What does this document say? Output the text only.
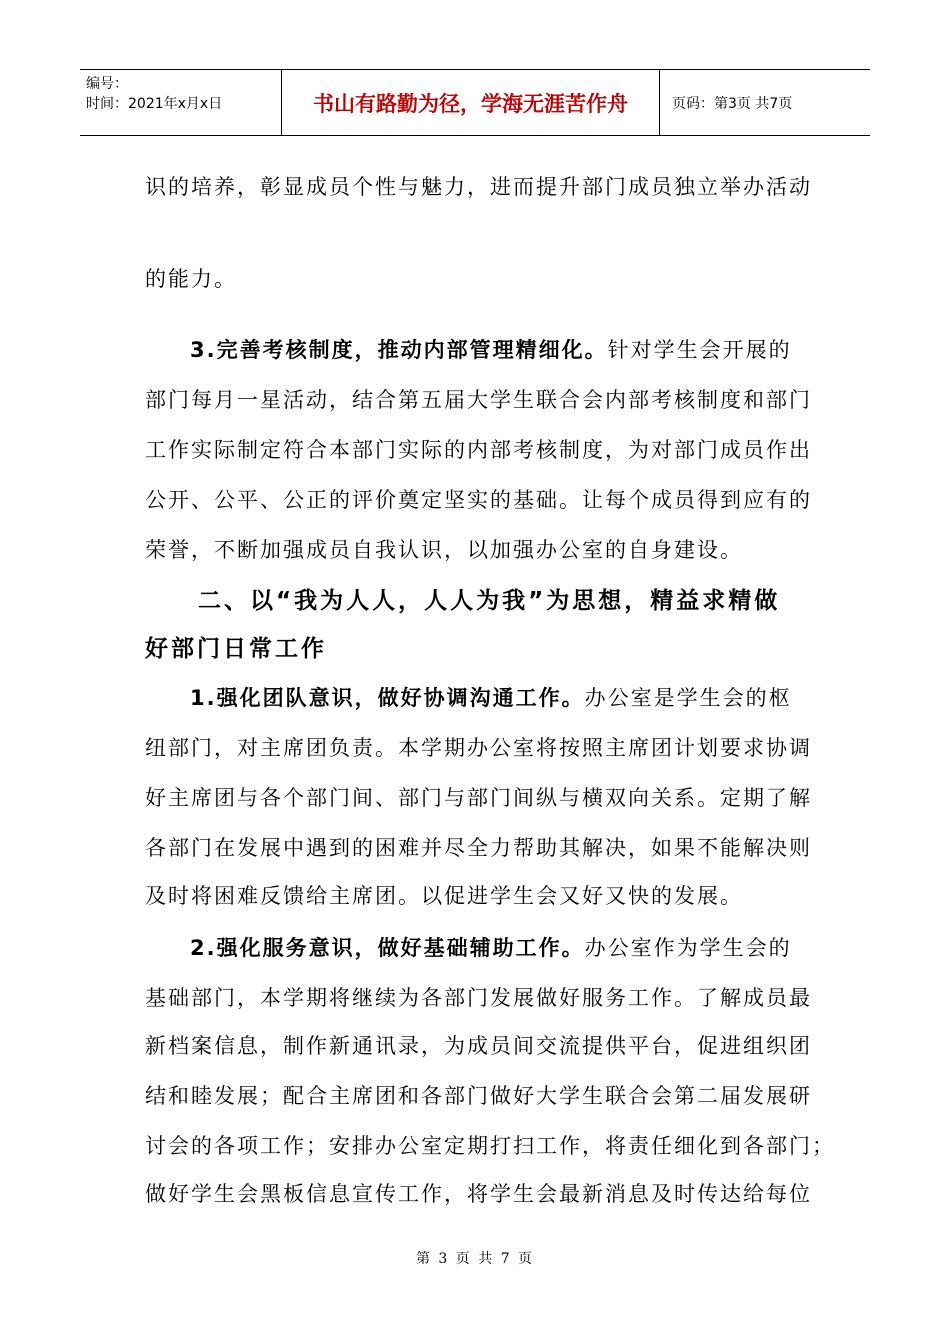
编号：
时间：2021年x月x日	书山有路勤为径，学海无涯苦作舟	页码：第3页 共7页
识的培养，彰显成员个性与魅力，进而提升部门成员独立举办活动
的能力。
3.完善考核制度，推动内部管理精细化。针对学生会开展的
部门每月一星活动，结合第五届大学生联合会内部考核制度和部门
工作实际制定符合本部门实际的内部考核制度，为对部门成员作出
公开、公平、公正的评价奠定坚实的基础。让每个成员得到应有的
荣誉，不断加强成员自我认识，以加强办公室的自身建设。
二、以“我为人人，人人为我”为思想，精益求精做
好部门日常工作
1.强化团队意识，做好协调沟通工作。办公室是学生会的枢
纽部门，对主席团负责。本学期办公室将按照主席团计划要求协调
好主席团与各个部门间、部门与部门间纵与横双向关系。定期了解
各部门在发展中遇到的困难并尽全力帮助其解决，如果不能解决则
及时将困难反馈给主席团。以促进学生会又好又快的发展。
2.强化服务意识，做好基础辅助工作。办公室作为学生会的
基础部门，本学期将继续为各部门发展做好服务工作。了解成员最
新档案信息，制作新通讯录，为成员间交流提供平台，促进组织团
结和睦发展；配合主席团和各部门做好大学生联合会第二届发展研
讨会的各项工作；安排办公室定期打扫工作，将责任细化到各部门；
做好学生会黑板信息宣传工作，将学生会最新消息及时传达给每位
第 3 页 共 7 页
